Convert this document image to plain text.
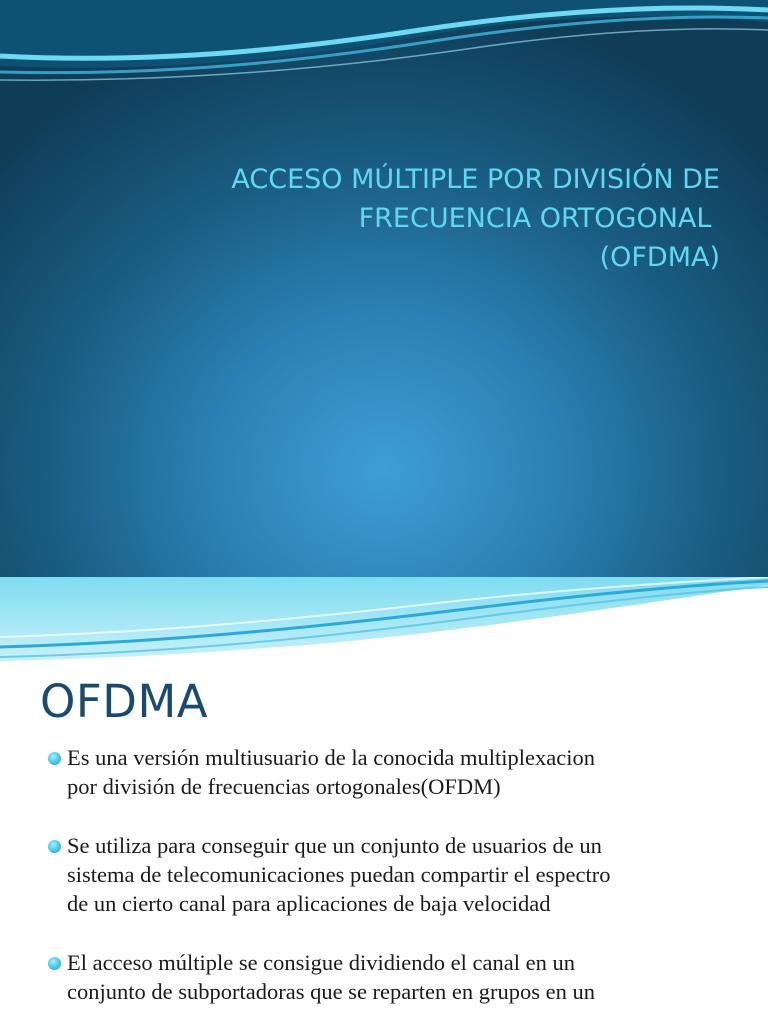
ACCESO MÚLTIPLE POR DIVISIÓN DE
FRECUENCIA ORTOGONAL
(OFDMA)
OFDMA
Es una versión multiusuario de la conocida multiplexacion
por división de frecuencias ortogonales(OFDM)
Se utiliza para conseguir que un conjunto de usuarios de un
sistema de telecomunicaciones puedan compartir el espectro
de un cierto canal para aplicaciones de baja velocidad
El acceso múltiple se consigue dividiendo el canal en un
conjunto de subportadoras que se reparten en grupos en un
